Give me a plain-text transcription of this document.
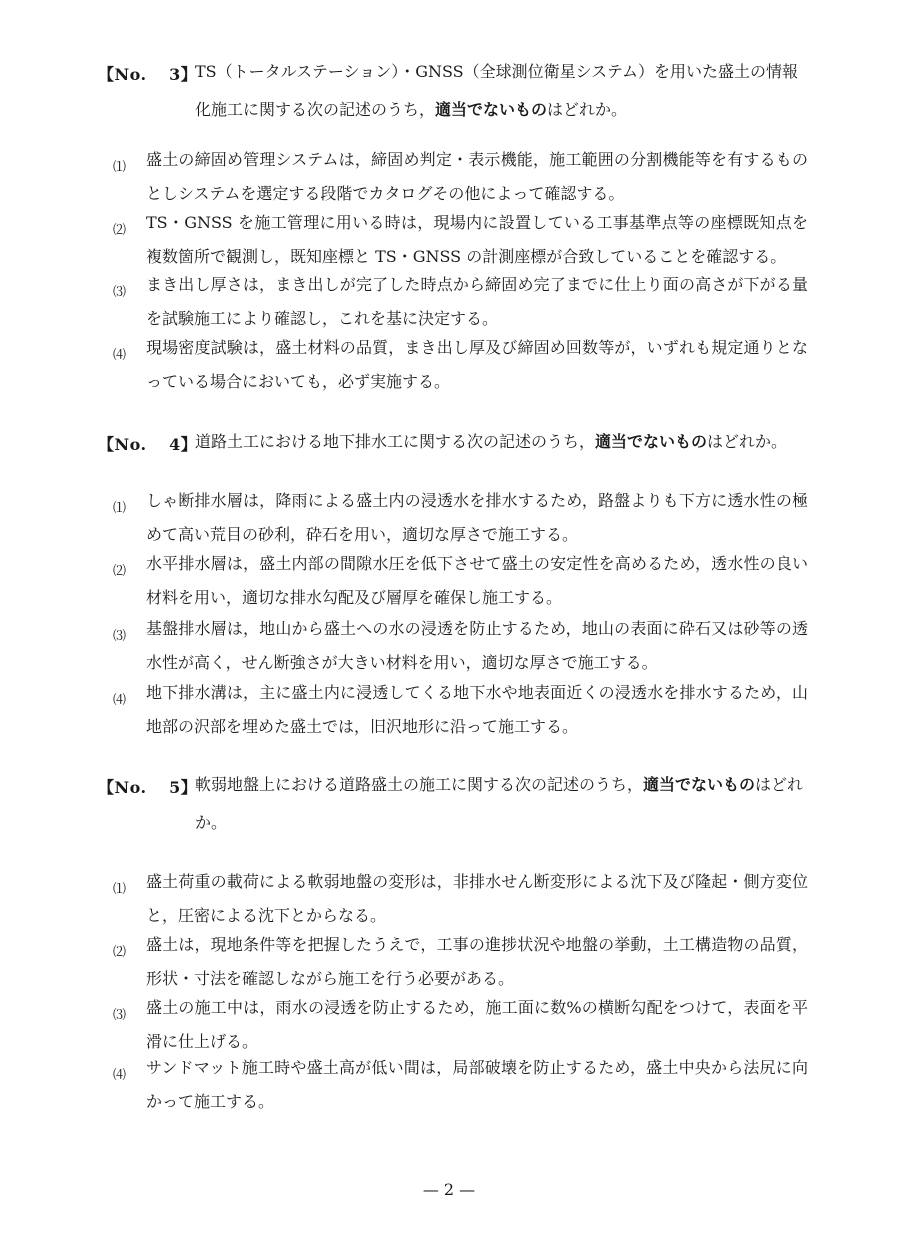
【No.　 3】
TS（トータルステーション）・GNSS（全球測位衛星システム）を用いた盛土の情報化施工に関する次の記述のうち，適当でないものはどれか。
⑴ 盛土の締固め管理システムは，締固め判定・表示機能，施工範囲の分割機能等を有するものとしシステムを選定する段階でカタログその他によって確認する。
⑵ TS・GNSS を施工管理に用いる時は，現場内に設置している工事基準点等の座標既知点を複数箇所で観測し，既知座標と TS・GNSS の計測座標が合致していることを確認する。
⑶ まき出し厚さは，まき出しが完了した時点から締固め完了までに仕上り面の高さが下がる量を試験施工により確認し，これを基に決定する。
⑷ 現場密度試験は，盛土材料の品質，まき出し厚及び締固め回数等が，いずれも規定通りとなっている場合においても，必ず実施する。
【No.　 4】
道路土工における地下排水工に関する次の記述のうち，適当でないものはどれか。
⑴ しゃ断排水層は，降雨による盛土内の浸透水を排水するため，路盤よりも下方に透水性の極めて高い荒目の砂利，砕石を用い，適切な厚さで施工する。
⑵ 水平排水層は，盛土内部の間隙水圧を低下させて盛土の安定性を高めるため，透水性の良い材料を用い，適切な排水勾配及び層厚を確保し施工する。
⑶ 基盤排水層は，地山から盛土への水の浸透を防止するため，地山の表面に砕石又は砂等の透水性が高く，せん断強さが大きい材料を用い，適切な厚さで施工する。
⑷ 地下排水溝は，主に盛土内に浸透してくる地下水や地表面近くの浸透水を排水するため，山地部の沢部を埋めた盛土では，旧沢地形に沿って施工する。
【No.　 5】
軟弱地盤上における道路盛土の施工に関する次の記述のうち，適当でないものはどれか。
⑴ 盛土荷重の載荷による軟弱地盤の変形は，非排水せん断変形による沈下及び隆起・側方変位と，圧密による沈下とからなる。
⑵ 盛土は，現地条件等を把握したうえで，工事の進捗状況や地盤の挙動，土工構造物の品質，形状・寸法を確認しながら施工を行う必要がある。
⑶ 盛土の施工中は，雨水の浸透を防止するため，施工面に数%の横断勾配をつけて，表面を平滑に仕上げる。
⑷ サンドマット施工時や盛土高が低い間は，局部破壊を防止するため，盛土中央から法尻に向かって施工する。
— 2 —
